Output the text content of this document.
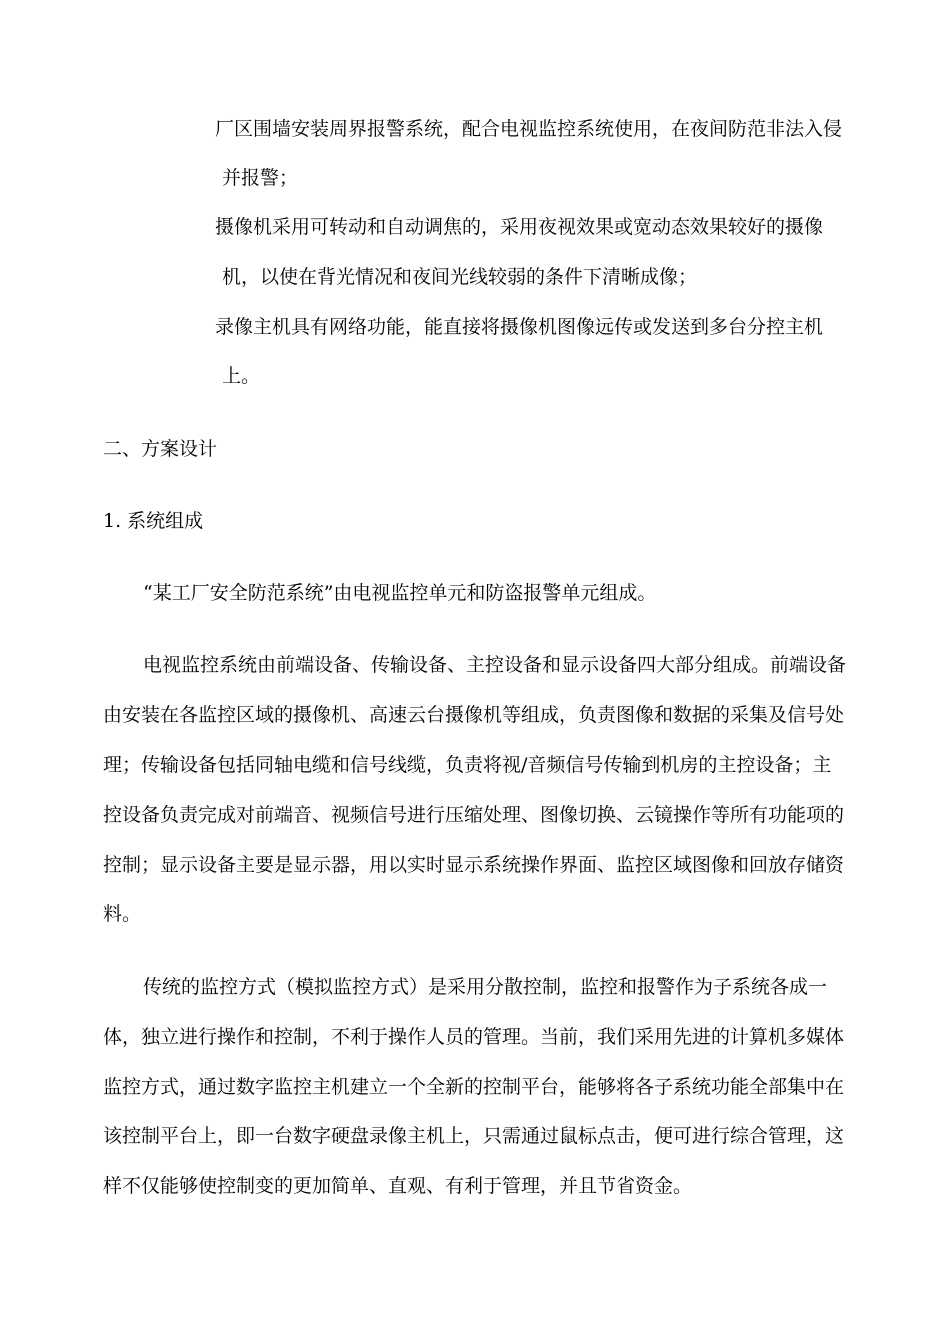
厂区围墙安装周界报警系统，配合电视监控系统使用，在夜间防范非法入侵
并报警；
摄像机采用可转动和自动调焦的，采用夜视效果或宽动态效果较好的摄像
机，以使在背光情况和夜间光线较弱的条件下清晰成像；
录像主机具有网络功能，能直接将摄像机图像远传或发送到多台分控主机
上。
二、方案设计
1. 系统组成
“某工厂安全防范系统”由电视监控单元和防盗报警单元组成。
电视监控系统由前端设备、传输设备、主控设备和显示设备四大部分组成。前端设备
由安装在各监控区域的摄像机、高速云台摄像机等组成，负责图像和数据的采集及信号处
理；传输设备包括同轴电缆和信号线缆，负责将视/音频信号传输到机房的主控设备；主
控设备负责完成对前端音、视频信号进行压缩处理、图像切换、云镜操作等所有功能项的
控制；显示设备主要是显示器，用以实时显示系统操作界面、监控区域图像和回放存储资
料。
传统的监控方式（模拟监控方式）是采用分散控制，监控和报警作为子系统各成一
体，独立进行操作和控制，不利于操作人员的管理。当前，我们采用先进的计算机多媒体
监控方式，通过数字监控主机建立一个全新的控制平台，能够将各子系统功能全部集中在
该控制平台上，即一台数字硬盘录像主机上，只需通过鼠标点击，便可进行综合管理，这
样不仅能够使控制变的更加简单、直观、有利于管理，并且节省资金。
